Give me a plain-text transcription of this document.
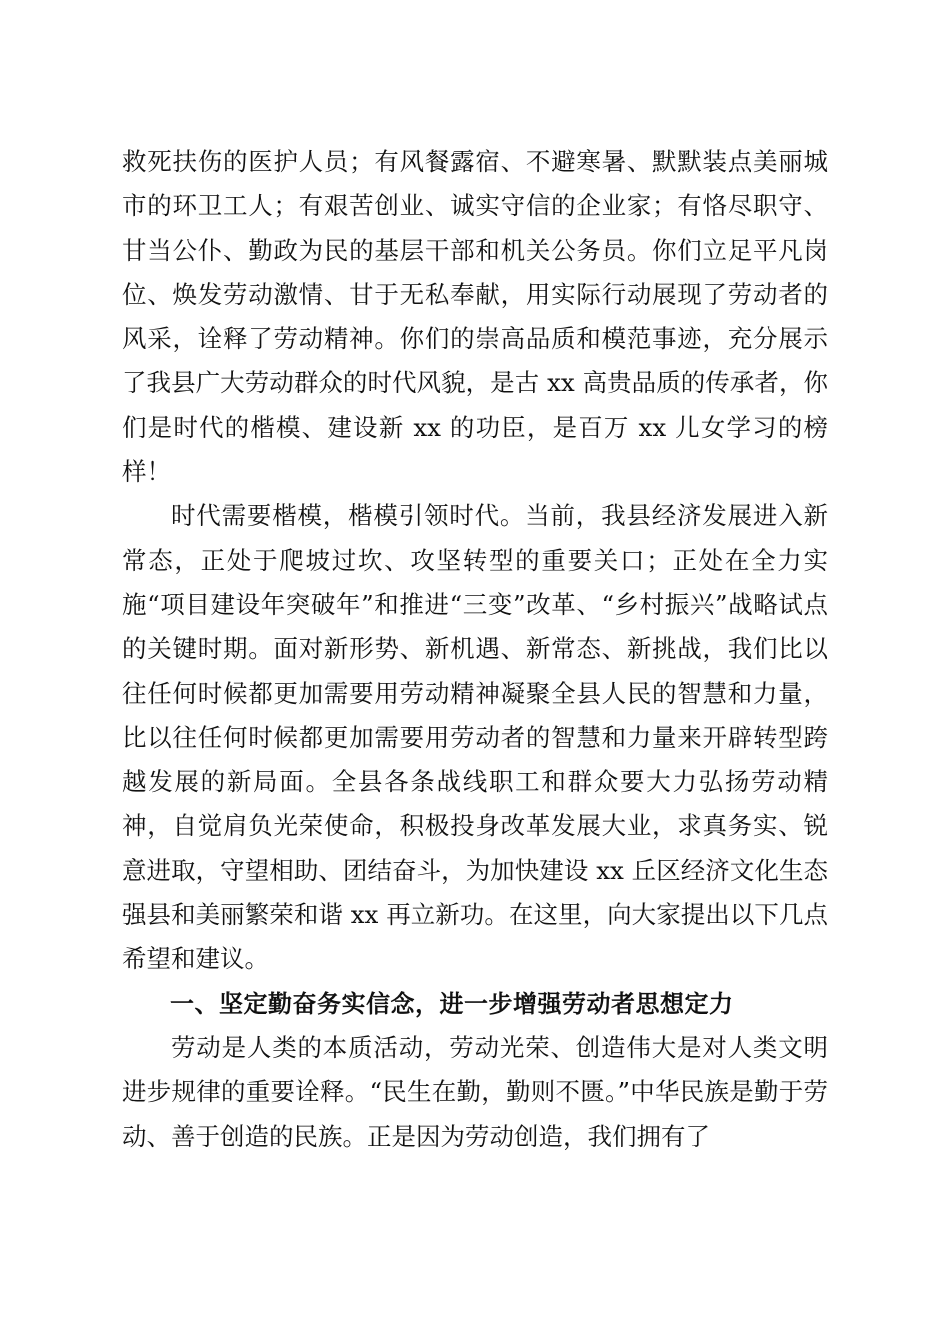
救死扶伤的医护人员；有风餐露宿、不避寒暑、默默装点美丽城市的环卫工人；有艰苦创业、诚实守信的企业家；有恪尽职守、甘当公仆、勤政为民的基层干部和机关公务员。你们立足平凡岗位、焕发劳动激情、甘于无私奉献，用实际行动展现了劳动者的风采，诠释了劳动精神。你们的崇高品质和模范事迹，充分展示了我县广大劳动群众的时代风貌，是古 xx 高贵品质的传承者，你们是时代的楷模、建设新 xx 的功臣，是百万 xx 儿女学习的榜样！

时代需要楷模，楷模引领时代。当前，我县经济发展进入新常态，正处于爬坡过坎、攻坚转型的重要关口；正处在全力实施“项目建设年突破年”和推进“三变”改革、“乡村振兴”战略试点的关键时期。面对新形势、新机遇、新常态、新挑战，我们比以往任何时候都更加需要用劳动精神凝聚全县人民的智慧和力量，比以往任何时候都更加需要用劳动者的智慧和力量来开辟转型跨越发展的新局面。全县各条战线职工和群众要大力弘扬劳动精神，自觉肩负光荣使命，积极投身改革发展大业，求真务实、锐意进取，守望相助、团结奋斗，为加快建设 xx 丘区经济文化生态强县和美丽繁荣和谐 xx 再立新功。在这里，向大家提出以下几点希望和建议。

一、坚定勤奋务实信念，进一步增强劳动者思想定力

劳动是人类的本质活动，劳动光荣、创造伟大是对人类文明进步规律的重要诠释。“民生在勤，勤则不匮。”中华民族是勤于劳动、善于创造的民族。正是因为劳动创造，我们拥有了
